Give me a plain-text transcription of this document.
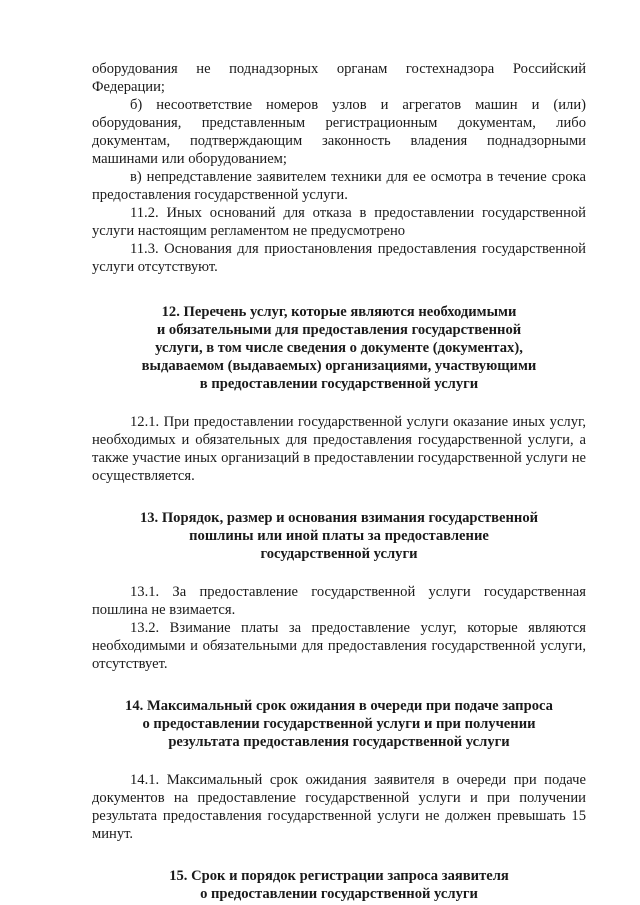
оборудования не поднадзорных органам гостехнадзора Российский Федерации;

б) несоответствие номеров узлов и агрегатов машин и (или) оборудования, представленным регистрационным документам, либо документам, подтверждающим законность владения поднадзорными машинами или оборудованием;

в) непредставление заявителем техники для ее осмотра в течение срока предоставления государственной услуги.

11.2. Иных оснований для отказа в предоставлении государственной услуги настоящим регламентом не предусмотрено

11.3. Основания для приостановления предоставления государственной услуги отсутствуют.

12. Перечень услуг, которые являются необходимыми
и обязательными для предоставления государственной
услуги, в том числе сведения о документе (документах),
выдаваемом (выдаваемых) организациями, участвующими
в предоставлении государственной услуги

12.1. При предоставлении государственной услуги оказание иных услуг, необходимых и обязательных для предоставления государственной услуги, а также участие иных организаций в предоставлении государственной услуги не осуществляется.

13. Порядок, размер и основания взимания государственной
пошлины или иной платы за предоставление
государственной услуги

13.1. За предоставление государственной услуги государственная пошлина не взимается.

13.2. Взимание платы за предоставление услуг, которые являются необходимыми и обязательными для предоставления государственной услуги, отсутствует.

14. Максимальный срок ожидания в очереди при подаче запроса
о предоставлении государственной услуги и при получении
результата предоставления государственной услуги

14.1. Максимальный срок ожидания заявителя в очереди при подаче документов на предоставление государственной услуги и при получении результата предоставления государственной услуги не должен превышать 15 минут.

15. Срок и порядок регистрации запроса заявителя
о предоставлении государственной услуги
